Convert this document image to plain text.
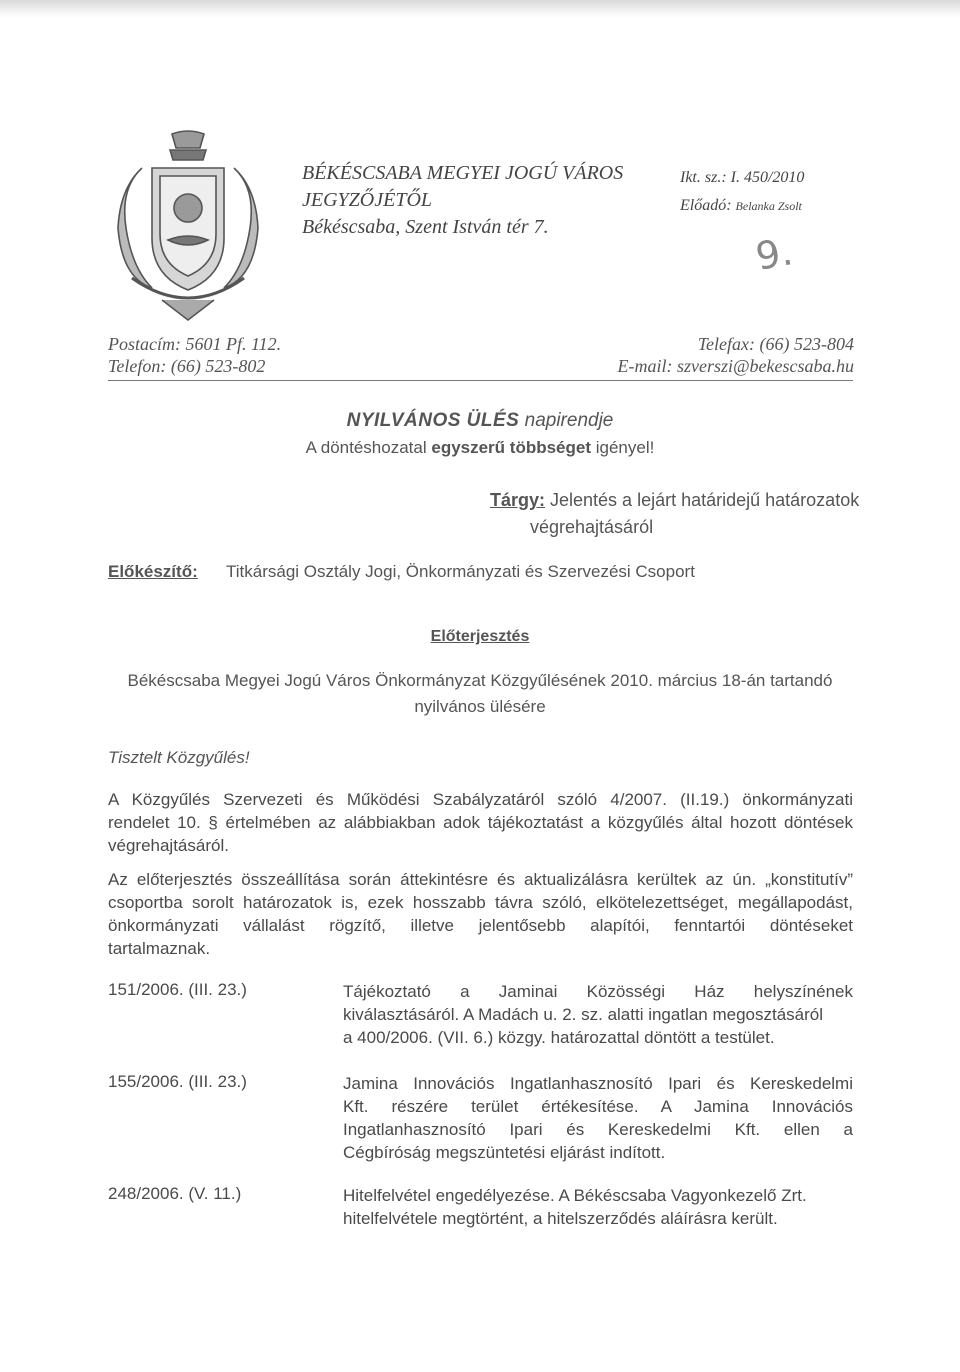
BÉKÉSCSABA MEGYEI JOGÚ VÁROS
JEGYZŐJÉTŐL
Békéscsaba, Szent István tér 7.
Ikt. sz.: I. 450/2010
Előadó: Belanka Zsolt
9.
Postacím: 5601 Pf. 112.
Telefon: (66) 523-802
Telefax: (66) 523-804
E-mail: szverszi@bekescsaba.hu
NYILVÁNOS ÜLÉS napirendje
A döntéshozatal egyszerű többséget igényel!
Tárgy: Jelentés a lejárt határidejű határozatok
végrehajtásáról
Előkészítő: Titkársági Osztály Jogi, Önkormányzati és Szervezési Csoport
Előterjesztés
Békéscsaba Megyei Jogú Város Önkormányzat Közgyűlésének 2010. március 18-án tartandó
nyilvános ülésére
Tisztelt Közgyűlés!
A Közgyűlés Szervezeti és Működési Szabályzatáról szóló 4/2007. (II.19.) önkormányzati
rendelet 10. § értelmében az alábbiakban adok tájékoztatást a közgyűlés által hozott döntések
végrehajtásáról.
Az előterjesztés összeállítása során áttekintésre és aktualizálásra kerültek az ún. „konstitutív”
csoportba sorolt határozatok is, ezek hosszabb távra szóló, elkötelezettséget, megállapodást,
önkormányzati vállalást rögzítő, illetve jelentősebb alapítói, fenntartói döntéseket
tartalmaznak.
151/2006. (III. 23.)	Tájékoztató a Jaminai Közösségi Ház helyszínének
kiválasztásáról. A Madách u. 2. sz. alatti ingatlan megosztásáról
a 400/2006. (VII. 6.) közgy. határozattal döntött a testület.
155/2006. (III. 23.)	Jamina Innovációs Ingatlanhasznosító Ipari és Kereskedelmi
Kft. részére terület értékesítése. A Jamina Innovációs
Ingatlanhasznosító Ipari és Kereskedelmi Kft. ellen a
Cégbíróság megszüntetési eljárást indított.
248/2006. (V. 11.)	Hitelfelvétel engedélyezése. A Békéscsaba Vagyonkezelő Zrt.
hitelfelvétele megtörtént, a hitelszerződés aláírásra került.
